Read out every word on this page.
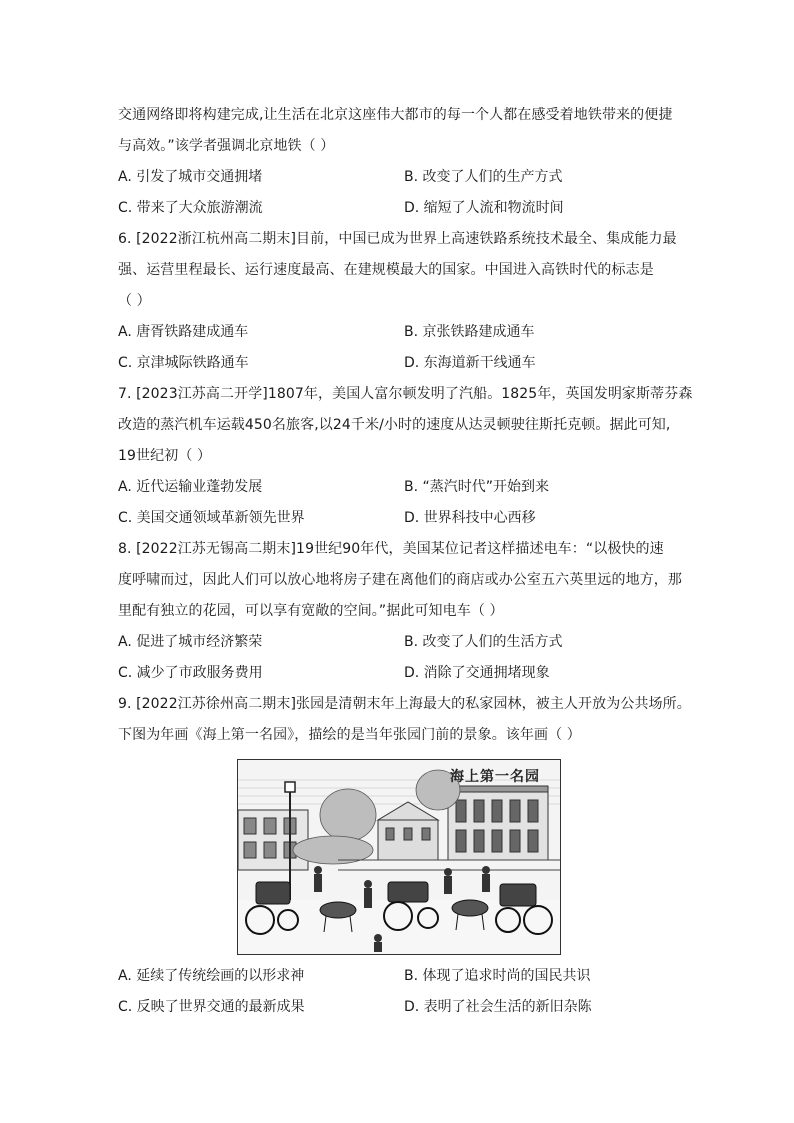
交通网络即将构建完成,让生活在北京这座伟大都市的每一个人都在感受着地铁带来的便捷
与高效。”该学者强调北京地铁（ ）
A. 引发了城市交通拥堵	B. 改变了人们的生产方式
C. 带来了大众旅游潮流	D. 缩短了人流和物流时间
6. [2022浙江杭州高二期末]目前，中国已成为世界上高速铁路系统技术最全、集成能力最
强、运营里程最长、运行速度最高、在建规模最大的国家。中国进入高铁时代的标志是
（ ）
A. 唐胥铁路建成通车	B. 京张铁路建成通车
C. 京津城际铁路通车	D. 东海道新干线通车
7. [2023江苏高二开学]1807年，美国人富尔顿发明了汽船。1825年，英国发明家斯蒂芬森
改造的蒸汽机车运载450名旅客,以24千米/小时的速度从达灵顿驶往斯托克顿。据此可知,
19世纪初（ ）
A. 近代运输业蓬勃发展	B. “蒸汽时代”开始到来
C. 美国交通领域革新领先世界	D. 世界科技中心西移
8. [2022江苏无锡高二期末]19世纪90年代，美国某位记者这样描述电车：“以极快的速
度呼啸而过，因此人们可以放心地将房子建在离他们的商店或办公室五六英里远的地方，那
里配有独立的花园，可以享有宽敞的空间。”据此可知电车（ ）
A. 促进了城市经济繁荣	B. 改变了人们的生活方式
C. 减少了市政服务费用	D. 消除了交通拥堵现象
9. [2022江苏徐州高二期末]张园是清朝末年上海最大的私家园林，被主人开放为公共场所。
下图为年画《海上第一名园》，描绘的是当年张园门前的景象。该年画（ ）
海上第一名园
A. 延续了传统绘画的以形求神	B. 体现了追求时尚的国民共识
C. 反映了世界交通的最新成果	D. 表明了社会生活的新旧杂陈
